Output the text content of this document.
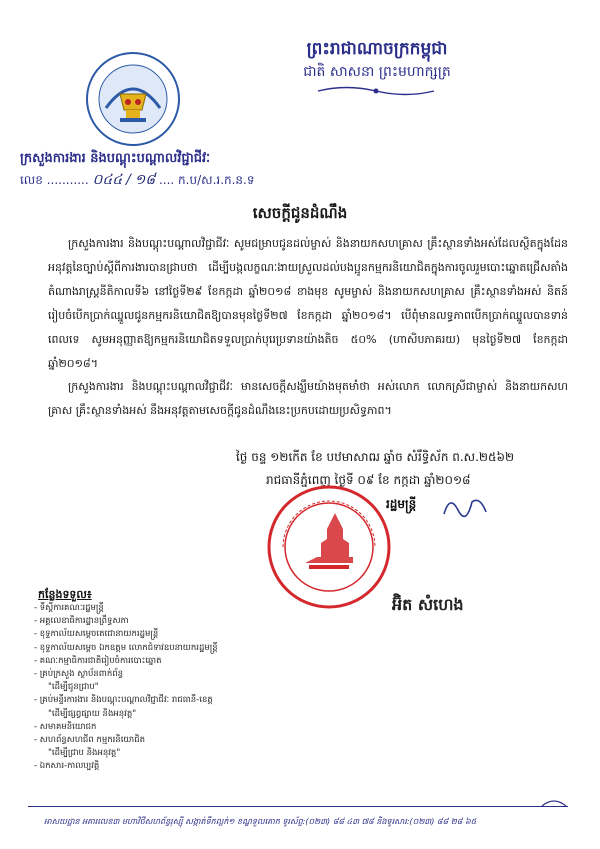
ព្រះរាជាណាចក្រកម្ពុជា
ជាតិ សាសនា ព្រះមហាក្សត្រ
ក្រសួងការងារ និងបណ្តុះបណ្តាលវិជ្ជាជីវៈ
លេខ ........... ០៤៤ / ១៨ .... ក.ប/ស.រ.ក.ន.ទ
សេចក្តីជូនដំណឹង
ក្រសួងការងារ និងបណ្តុះបណ្តាលវិជ្ជាជីវៈ សូមជម្រាបជូនដល់ម្ចាស់ និងនាយកសហគ្រាស គ្រឹះស្ថានទាំងអស់ដែលស្ថិតក្នុងដែនអនុវត្តនៃច្បាប់ស្តីពីការងារបានជ្រាបថា ដើម្បីបង្កលក្ខណៈងាយស្រួលដល់បងប្អូនកម្មករនិយោជិតក្នុងការចូលរួមបោះឆ្នោតជ្រើសតាំងតំណាងរាស្ត្រនីតិកាលទី៦ នៅថ្ងៃទី២៩ ខែកក្កដា ឆ្នាំ២០១៨ ខាងមុខ សូមម្ចាស់ និងនាយកសហគ្រាស គ្រឹះស្ថានទាំងអស់ និតន៍រៀបចំបើកប្រាក់ឈ្នួលជូនកម្មករនិយោជិតឱ្យបានមុនថ្ងៃទី២៧ ខែកក្កដា ឆ្នាំ២០១៨។ បើពុំមានលទ្ធភាពបើកប្រាក់ឈ្នួលបានទាន់ពេលទេ សូមអនុញ្ញាតឱ្យកម្មករនិយោជិតទទួលប្រាក់បុរេប្រទានយ៉ាងតិច ៥០% (ហាសិបភាគរយ) មុនថ្ងៃទី២៧ ខែកក្កដា ឆ្នាំ២០១៨។
ក្រសួងការងារ និងបណ្តុះបណ្តាលវិជ្ជាជីវៈ មានសេចក្តីសង្ឃឹមយ៉ាងមុតមាំថា អស់លោក លោកស្រីជាម្ចាស់ និងនាយកសហគ្រាស គ្រឹះស្ថានទាំងអស់ នឹងអនុវត្តតាមសេចក្តីជូនដំណឹងនេះប្រកបដោយប្រសិទ្ធភាព។
ថ្ងៃ ចន្ទ ១២កើត ខែ បឋមាសាឍ ឆ្នាំច សំរឹទ្ធិស័ក ព.ស.២៥៦២
រាជធានីភ្នំពេញ ថ្ងៃទី ០៩ ខែ កក្កដា ឆ្នាំ២០១៨
រដ្ឋមន្ត្រី
អ៊ិត សំហេង
កន្លែងទទួល៖
- ទីស្តីការគណៈរដ្ឋមន្ត្រី
- អគ្គលេខាធិការដ្ឋានព្រឹទ្ធសភា
- ខុទ្ទកាល័យសម្តេចតេជោនាយករដ្ឋមន្ត្រី
- ខុទ្ទកាល័យសម្តេច ឯកឧត្តម លោកជំទាវឧបនាយករដ្ឋមន្ត្រី
- គណៈកម្មាធិការជាតិរៀបចំការបោះឆ្នោត
- គ្រប់ក្រសួង ស្ថាប័នពាក់ព័ន្ធ
"ដើម្បីជូនជ្រាប"
- គ្រប់មន្ទីរការងារ និងបណ្តុះបណ្តាលវិជ្ជាជីវៈ រាជធានី-ខេត្ត
"ដើម្បីផ្សព្វផ្សាយ និងអនុវត្ត"
- សមាគមនិយោជក
- សហព័ន្ធសហជីព កម្មករនិយោជិត
"ដើម្បីជ្រាប និងអនុវត្ត"
- ឯកសារ-កាលប្បវត្តិ
អាសយដ្ឋាន អគារលេខ៣ មហាវិថីសហព័ន្ធរុស្ស៊ី សង្កាត់ទឹកល្អក់១ ខណ្ឌទួលគោក ទូរស័ព្ទ:(០២៣) ៨៨ ៤៣ ៧៨ និងទូរសារ:(០២៣) ៨៨ ២៨ ៦៥
